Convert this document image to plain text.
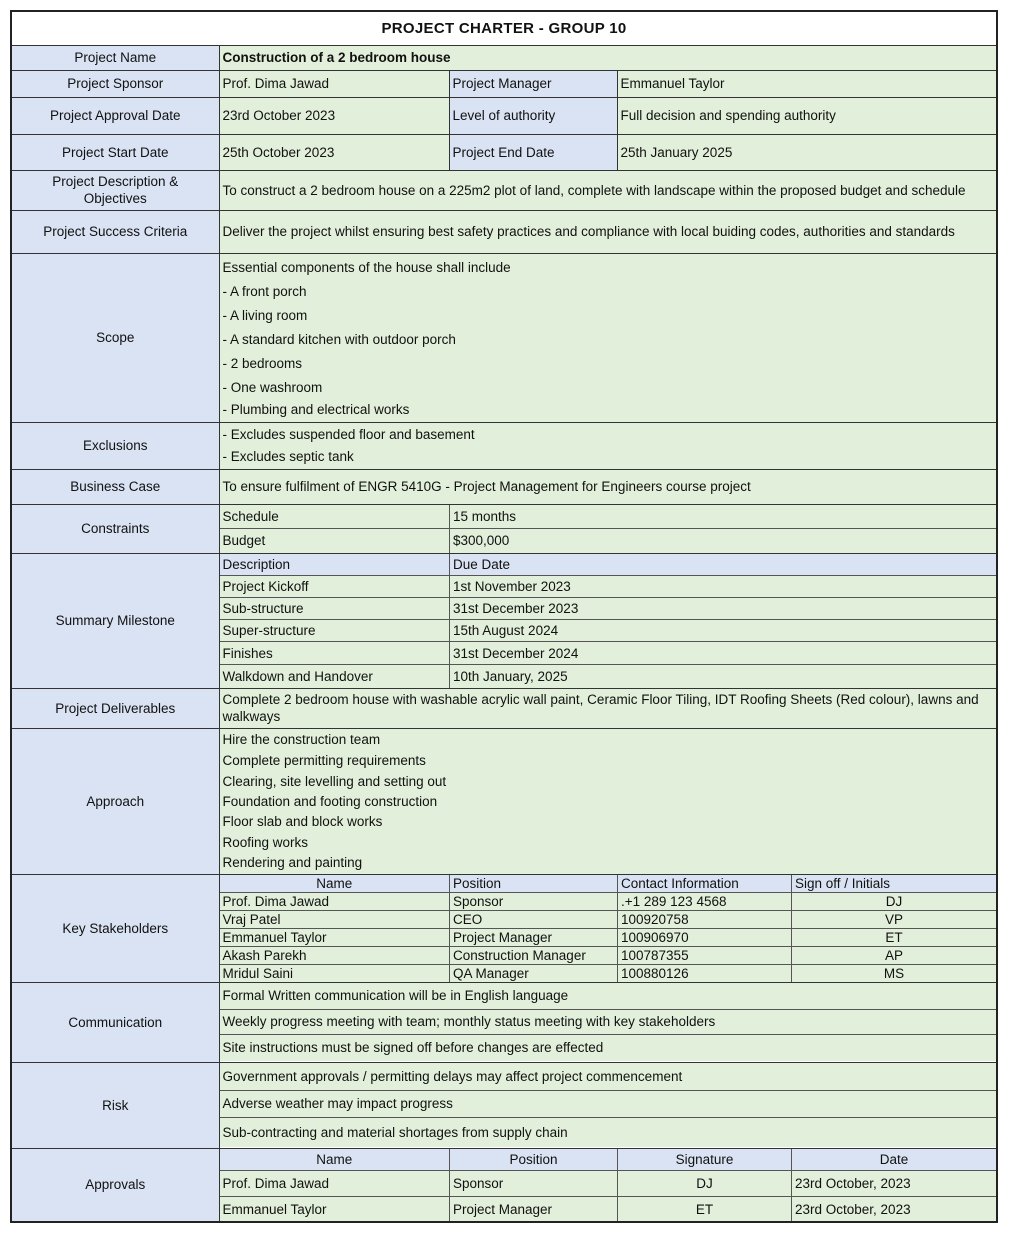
PROJECT CHARTER - GROUP 10
Project Name	Construction of a 2 bedroom house
Project Sponsor	Prof. Dima Jawad	Project Manager	Emmanuel Taylor
Project Approval Date	23rd October 2023	Level of authority	Full decision and spending authority
Project Start Date	25th October 2023	Project End Date	25th January 2025
Project Description & Objectives	To construct a 2 bedroom house on a 225m2 plot of land, complete with landscape within the proposed budget and schedule
Project Success Criteria	Deliver the project whilst ensuring best safety practices and compliance with local buiding codes, authorities and standards
Scope	
Essential components of the house shall include
- A front porch
- A living room
- A standard kitchen with outdoor porch
- 2 bedrooms
- One washroom
- Plumbing and electrical works

Exclusions	
- Excludes suspended floor and basement
- Excludes septic tank

Business Case	To ensure fulfilment of ENGR 5410G - Project Management for Engineers course project
Constraints	
Schedule	15 months
Budget	$300,000

Summary Milestone	
Description	Due Date
Project Kickoff	1st November 2023
Sub-structure	31st December 2023
Super-structure	15th August 2024
Finishes	31st December 2024
Walkdown and Handover	10th January, 2025

Project Deliverables	Complete 2 bedroom house with washable acrylic wall paint, Ceramic Floor Tiling, IDT Roofing Sheets (Red colour), lawns and walkways
Approach	
Hire the construction team
Complete permitting requirements
Clearing, site levelling and setting out
Foundation and footing construction
Floor slab and block works
Roofing works
Rendering and painting

Key Stakeholders	
Name	Position	Contact Information	Sign off / Initials
Prof. Dima Jawad	Sponsor	.+1 289 123 4568	DJ
Vraj Patel	CEO	100920758	VP
Emmanuel Taylor	Project Manager	100906970	ET
Akash Parekh	Construction Manager	100787355	AP
Mridul Saini	QA Manager	100880126	MS

Communication	
Formal Written communication will be in English language
Weekly progress meeting with team; monthly status meeting with key stakeholders
Site instructions must be signed off before changes are effected

Risk	
Government approvals / permitting delays may affect project commencement
Adverse weather may impact progress
Sub-contracting and material shortages from supply chain

Approvals	
Name	Position	Signature	Date
Prof. Dima Jawad	Sponsor	DJ	23rd October, 2023
Emmanuel Taylor	Project Manager	ET	23rd October, 2023
